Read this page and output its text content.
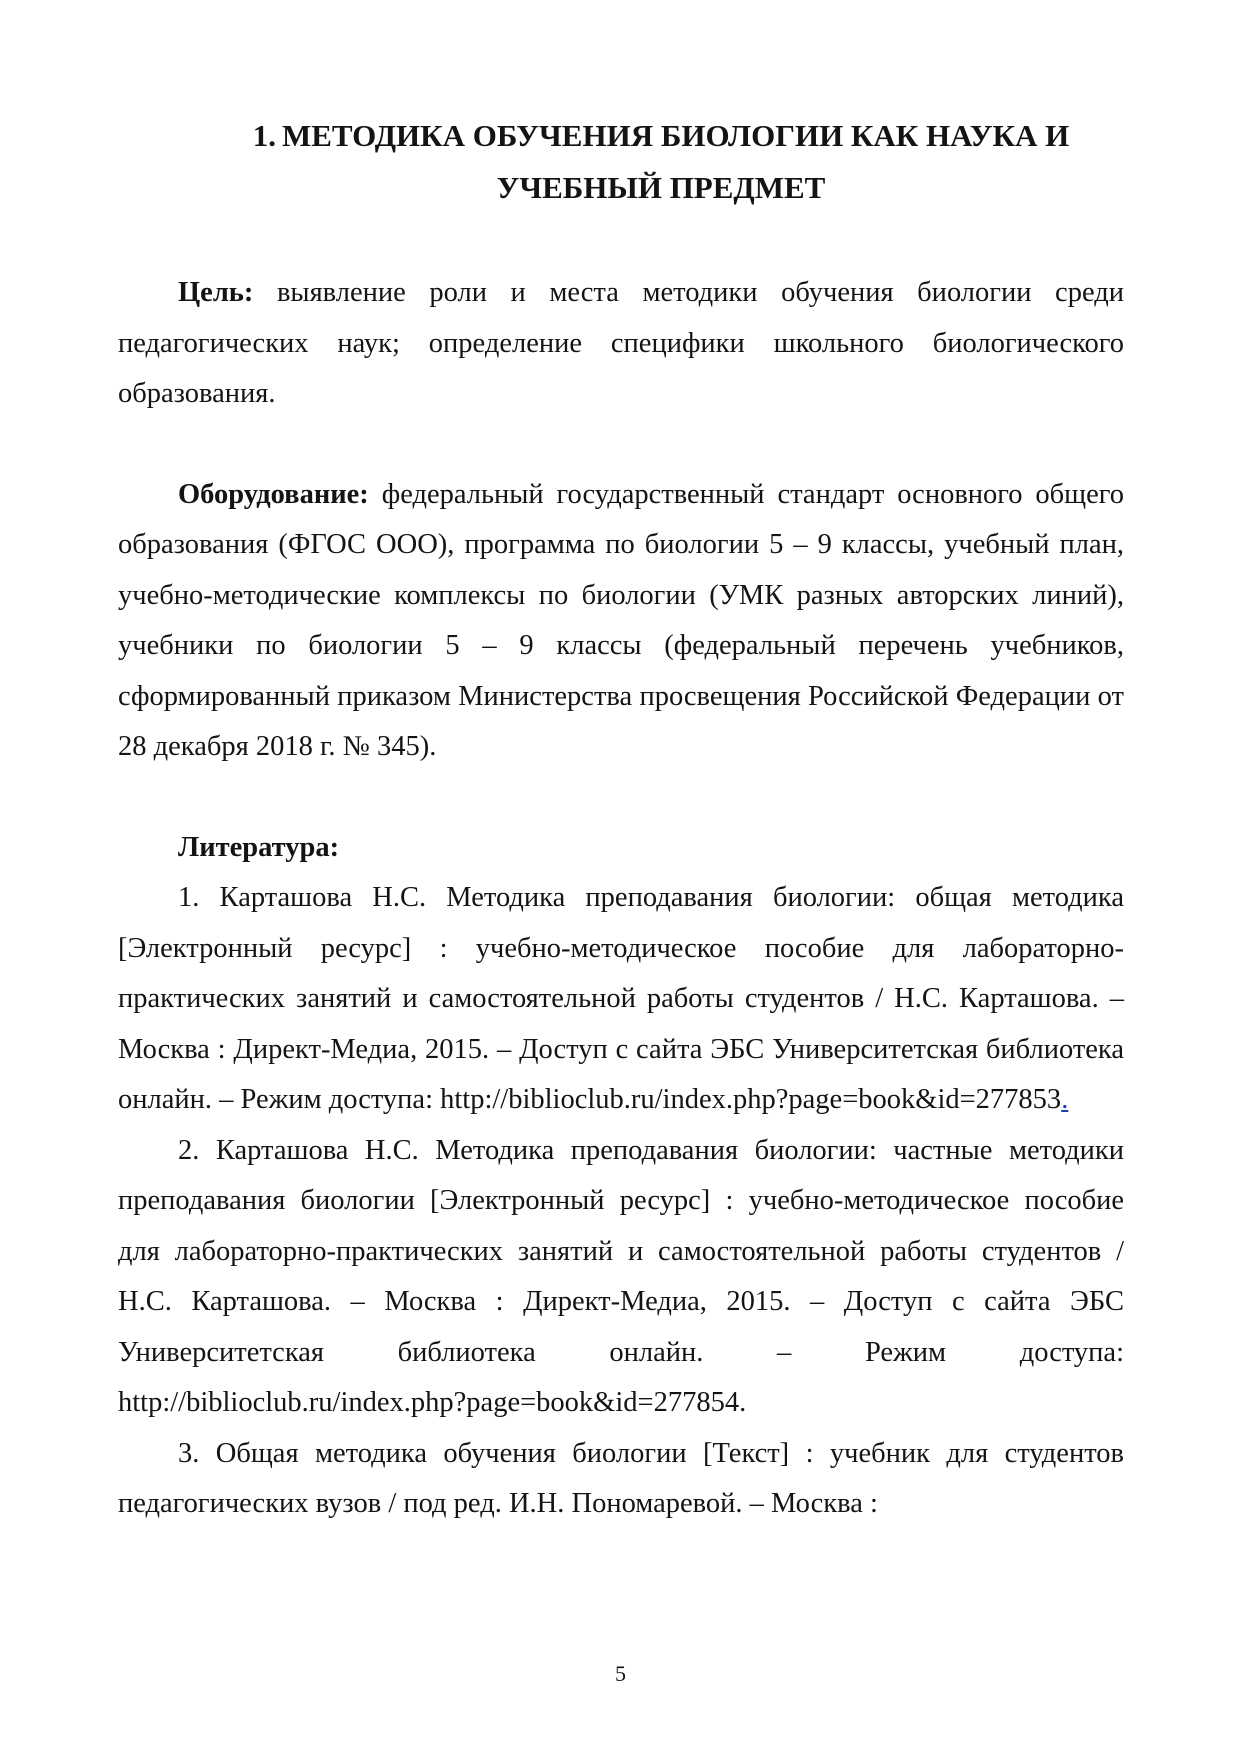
1. МЕТОДИКА ОБУЧЕНИЯ БИОЛОГИИ КАК НАУКА И УЧЕБНЫЙ ПРЕДМЕТ

Цель: выявление роли и места методики обучения биологии среди педагогических наук; определение специфики школьного биологического образования.

Оборудование: федеральный государственный стандарт основного общего образования (ФГОС ООО), программа по биологии 5 – 9 классы, учебный план, учебно-методические комплексы по биологии (УМК разных авторских линий), учебники по биологии 5 – 9 классы (федеральный перечень учебников, сформированный приказом Министерства просвещения Российской Федерации от 28 декабря 2018 г. № 345).

Литература:

1. Карташова Н.С. Методика преподавания биологии: общая методика [Электронный ресурс] : учебно-методическое пособие для лабораторно-практических занятий и самостоятельной работы студентов / Н.С. Карташова. – Москва : Директ-Медиа, 2015. – Доступ с сайта ЭБС Университетская библиотека онлайн. – Режим доступа: http://biblioclub.ru/index.php?page=book&id=277853.

2. Карташова Н.С. Методика преподавания биологии: частные методики преподавания биологии [Электронный ресурс] : учебно-методическое пособие для лабораторно-практических занятий и самостоятельной работы студентов / Н.С. Карташова. – Москва : Директ-Медиа, 2015. – Доступ с сайта ЭБС Университетская библиотека онлайн. – Режим доступа: http://biblioclub.ru/index.php?page=book&id=277854.

3. Общая методика обучения биологии [Текст] : учебник для студентов педагогических вузов / под ред. И.Н. Пономаревой. – Москва :

5
